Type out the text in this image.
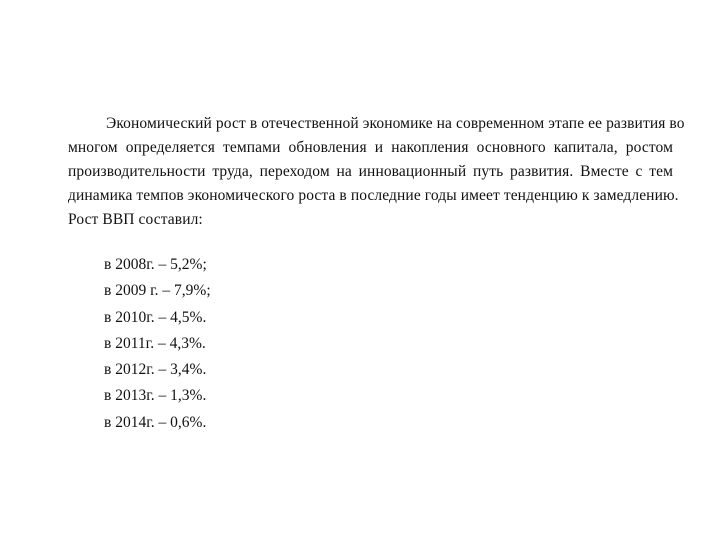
Экономический рост в отечественной экономике на современном этапе ее развития во
многом определяется темпами обновления и накопления основного капитала, ростом
производительности труда, переходом на инновационный путь развития. Вместе с тем
динамика темпов экономического роста в последние годы имеет тенденцию к замедлению.
Рост ВВП составил:
в 2008г. – 5,2%;
в 2009 г. – 7,9%;
в 2010г. – 4,5%.
в 2011г. – 4,3%.
в 2012г. – 3,4%.
в 2013г. – 1,3%.
в 2014г. – 0,6%.
